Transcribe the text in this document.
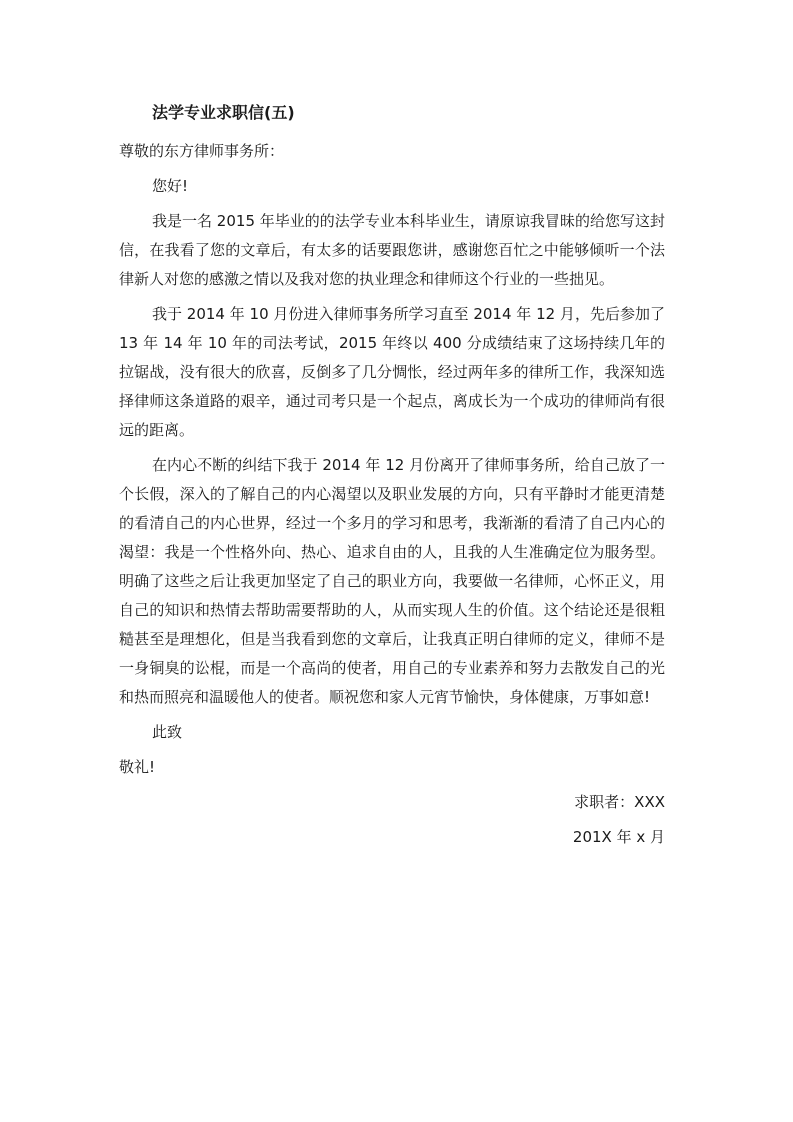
法学专业求职信(五)

尊敬的东方律师事务所：

您好!

我是一名 2015 年毕业的的法学专业本科毕业生，请原谅我冒昧的给您写这封信，在我看了您的文章后，有太多的话要跟您讲，感谢您百忙之中能够倾听一个法律新人对您的感激之情以及我对您的执业理念和律师这个行业的一些拙见。

我于 2014 年 10 月份进入律师事务所学习直至 2014 年 12 月，先后参加了 13 年 14 年 10 年的司法考试，2015 年终以 400 分成绩结束了这场持续几年的拉锯战，没有很大的欣喜，反倒多了几分惆怅，经过两年多的律所工作，我深知选择律师这条道路的艰辛，通过司考只是一个起点，离成长为一个成功的律师尚有很远的距离。

在内心不断的纠结下我于 2014 年 12 月份离开了律师事务所，给自己放了一个长假，深入的了解自己的内心渴望以及职业发展的方向，只有平静时才能更清楚的看清自己的内心世界，经过一个多月的学习和思考，我渐渐的看清了自己内心的渴望：我是一个性格外向、热心、追求自由的人，且我的人生准确定位为服务型。明确了这些之后让我更加坚定了自己的职业方向，我要做一名律师，心怀正义，用自己的知识和热情去帮助需要帮助的人，从而实现人生的价值。这个结论还是很粗糙甚至是理想化，但是当我看到您的文章后，让我真正明白律师的定义，律师不是一身铜臭的讼棍，而是一个高尚的使者，用自己的专业素养和努力去散发自己的光和热而照亮和温暖他人的使者。顺祝您和家人元宵节愉快，身体健康，万事如意!

此致

敬礼!

求职者：XXX

201X 年 x 月
